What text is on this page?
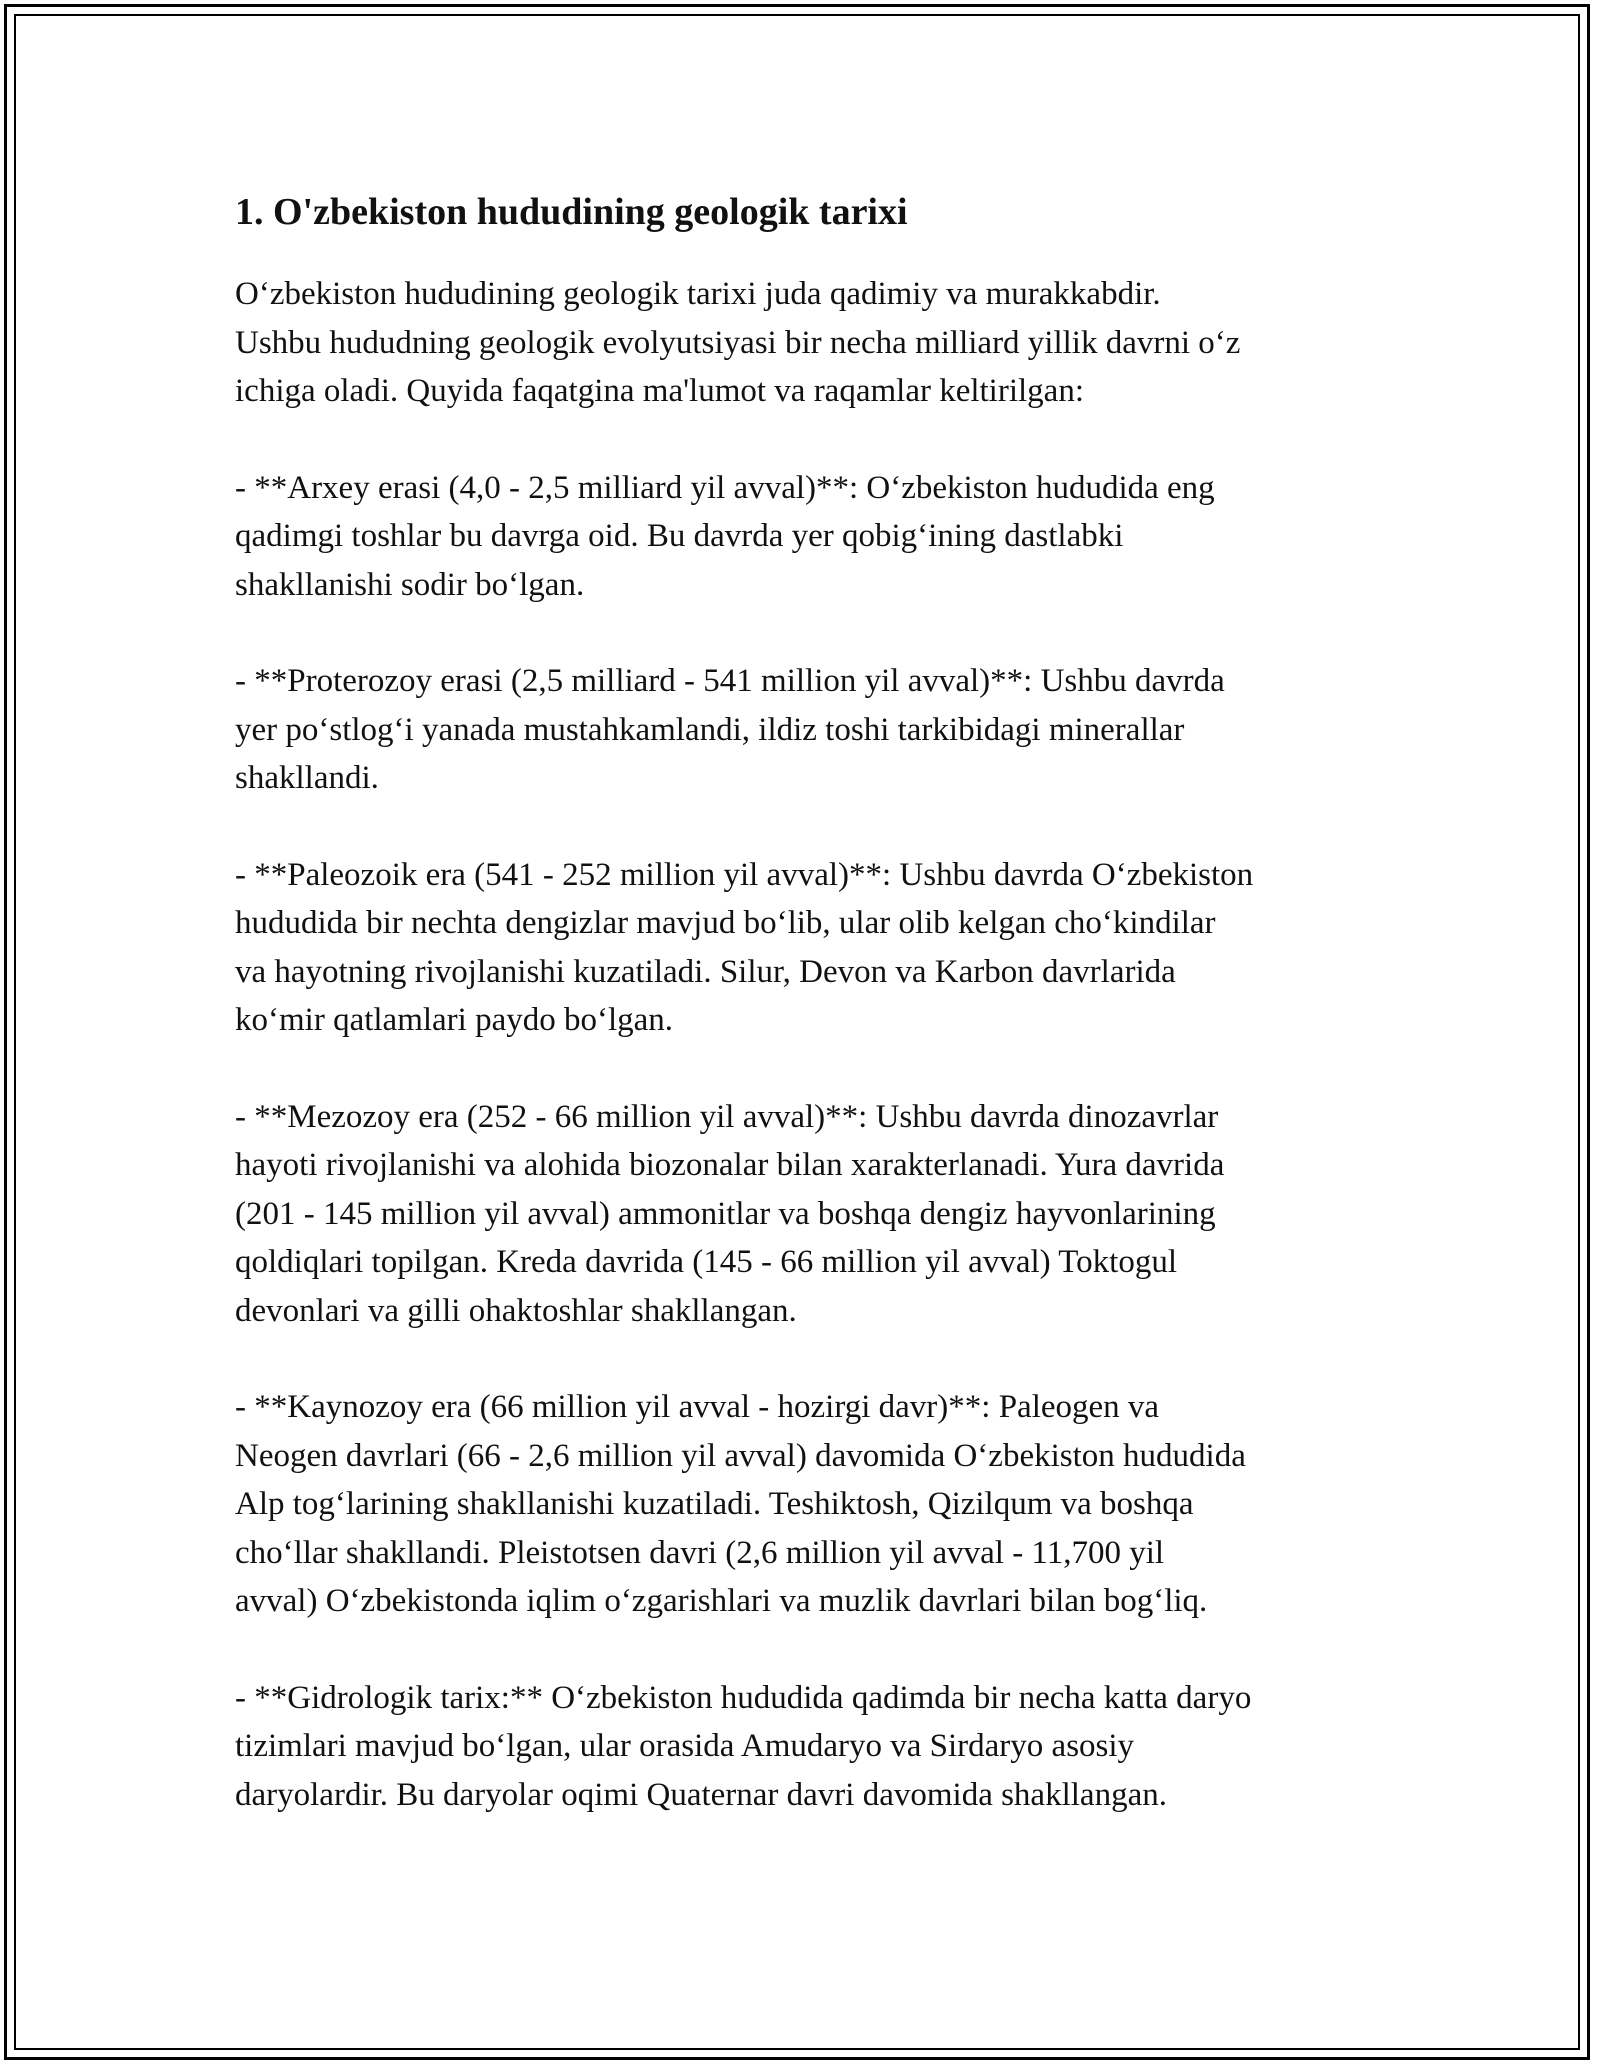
1. O'zbekiston hududining geologik tarixi

O‘zbekiston hududining geologik tarixi juda qadimiy va murakkabdir.
Ushbu hududning geologik evolyutsiyasi bir necha milliard yillik davrni o‘z
ichiga oladi. Quyida faqatgina ma'lumot va raqamlar keltirilgan:

- **Arxey erasi (4,0 - 2,5 milliard yil avval)**: O‘zbekiston hududida eng
qadimgi toshlar bu davrga oid. Bu davrda yer qobig‘ining dastlabki
shakllanishi sodir bo‘lgan.

- **Proterozoy erasi (2,5 milliard - 541 million yil avval)**: Ushbu davrda
yer po‘stlog‘i yanada mustahkamlandi, ildiz toshi tarkibidagi minerallar
shakllandi.

- **Paleozoik era (541 - 252 million yil avval)**: Ushbu davrda O‘zbekiston
hududida bir nechta dengizlar mavjud bo‘lib, ular olib kelgan cho‘kindilar
va hayotning rivojlanishi kuzatiladi. Silur, Devon va Karbon davrlarida
ko‘mir qatlamlari paydo bo‘lgan.

- **Mezozoy era (252 - 66 million yil avval)**: Ushbu davrda dinozavrlar
hayoti rivojlanishi va alohida biozonalar bilan xarakterlanadi. Yura davrida
(201 - 145 million yil avval) ammonitlar va boshqa dengiz hayvonlarining
qoldiqlari topilgan. Kreda davrida (145 - 66 million yil avval) Toktogul
devonlari va gilli ohaktoshlar shakllangan.

- **Kaynozoy era (66 million yil avval - hozirgi davr)**: Paleogen va
Neogen davrlari (66 - 2,6 million yil avval) davomida O‘zbekiston hududida
Alp tog‘larining shakllanishi kuzatiladi. Teshiktosh, Qizilqum va boshqa
cho‘llar shakllandi. Pleistotsen davri (2,6 million yil avval - 11,700 yil
avval) O‘zbekistonda iqlim o‘zgarishlari va muzlik davrlari bilan bog‘liq.

- **Gidrologik tarix:** O‘zbekiston hududida qadimda bir necha katta daryo
tizimlari mavjud bo‘lgan, ular orasida Amudaryo va Sirdaryo asosiy
daryolardir. Bu daryolar oqimi Quaternar davri davomida shakllangan.
